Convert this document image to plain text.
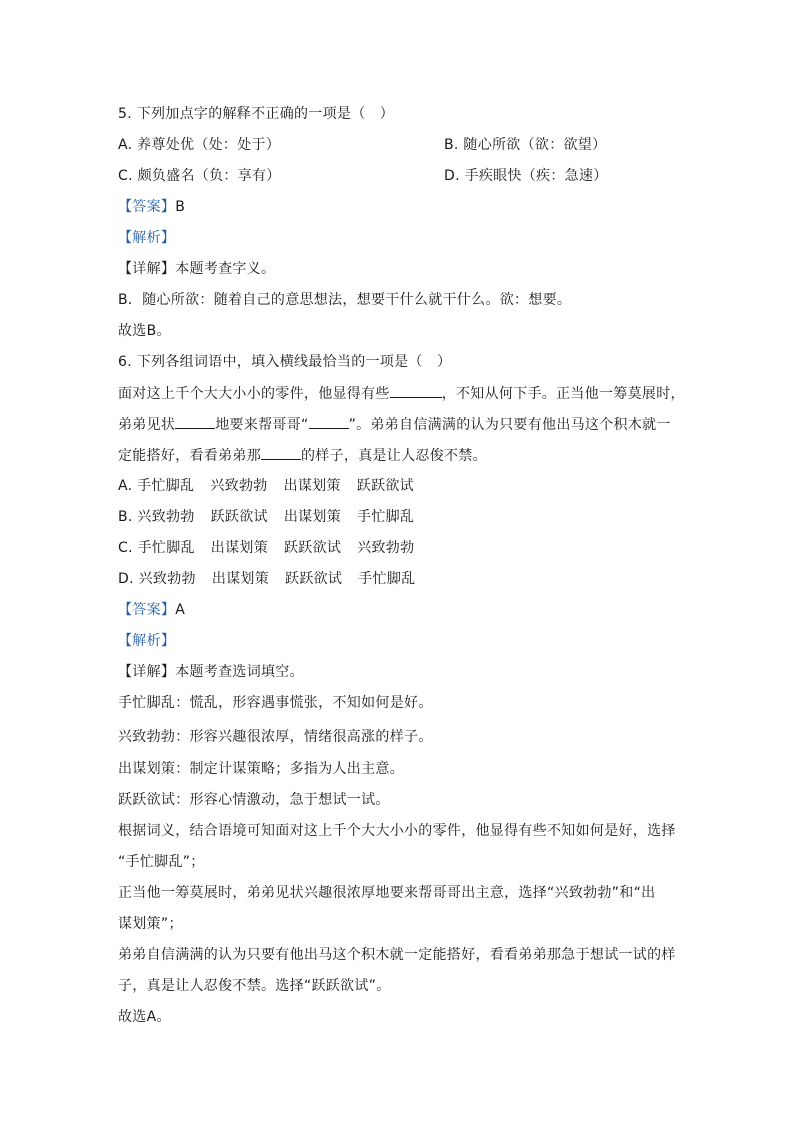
5. 下列加点字的解释不正确的一项是（　）
A. 养尊处优（处：处于）	B. 随心所欲（欲：欲望）
C. 颇负盛名（负：享有）	D. 手疾眼快（疾：急速）
【答案】B
【解析】
【详解】本题考查字义。
B．随心所欲：随着自己的意思想法，想要干什么就干什么。欲：想要。
故选B。
6. 下列各组词语中，填入横线最恰当的一项是（　）
面对这上千个大大小小的零件，他显得有些	，不知从何下手。正当他一筹莫展时，
弟弟见状	地要来帮哥哥“	”。弟弟自信满满的认为只要有他出马这个积木就一
定能搭好，看看弟弟那	的样子，真是让人忍俊不禁。
A. 手忙脚乱 兴致勃勃 出谋划策 跃跃欲试
B. 兴致勃勃 跃跃欲试 出谋划策 手忙脚乱
C. 手忙脚乱 出谋划策 跃跃欲试 兴致勃勃
D. 兴致勃勃 出谋划策 跃跃欲试 手忙脚乱
【答案】A
【解析】
【详解】本题考查选词填空。
手忙脚乱：慌乱，形容遇事慌张，不知如何是好。
兴致勃勃：形容兴趣很浓厚，情绪很高涨的样子。
出谋划策：制定计谋策略；多指为人出主意。
跃跃欲试：形容心情激动，急于想试一试。
根据词义，结合语境可知面对这上千个大大小小的零件，他显得有些不知如何是好，选择
“手忙脚乱”；
正当他一筹莫展时，弟弟见状兴趣很浓厚地要来帮哥哥出主意，选择“兴致勃勃”和“出
谋划策”；
弟弟自信满满的认为只要有他出马这个积木就一定能搭好，看看弟弟那急于想试一试的样
子，真是让人忍俊不禁。选择“跃跃欲试”。
故选A。
